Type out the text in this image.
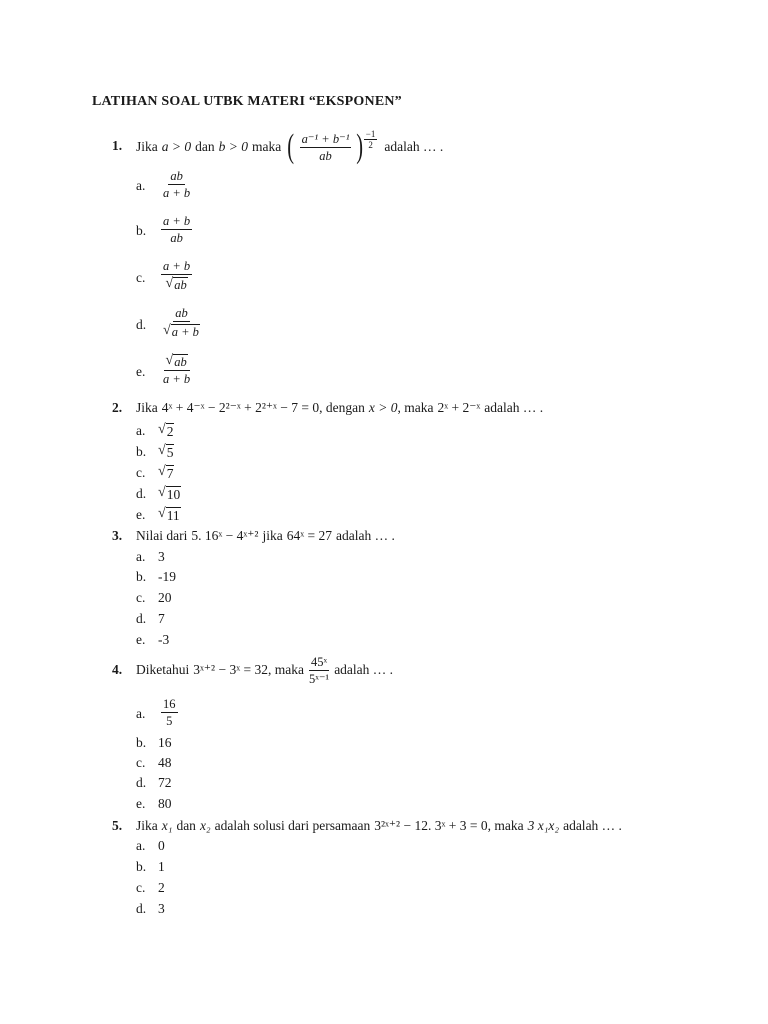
LATIHAN SOAL UTBK MATERI “EKSPONEN”
1. Jika a > 0 dan b > 0 maka ( $\frac{\text{a⁻¹ + b⁻¹}}{ab}$ ) $\frac{-1}{2}$ adalah … .
a. $\frac{ab}{a + b}$
b. $\frac{a + b}{ab}$
c. $\frac{a + b}{√ ab}$
d. $\frac{ab}{√ a + b}$
e. $\frac{√ ab}{a + b}$
2. Jika 4ˣ + 4⁻ˣ − 2²⁻ˣ + 2²⁺ˣ − 7 = 0 , dengan x > 0 , maka 2ˣ + 2⁻ˣ adalah … .
a. √ 2
b. √ 5
c. √ 7
d. √ 10
e. √ 11
3. Nilai dari 5. 16ˣ − 4ˣ⁺² jika 64ˣ = 27 adalah … .
a. 3
b. -19
c. 20
d. 7
e. -3
4. Diketahui 3ˣ⁺² − 3ˣ = 32 , maka $\frac{\text{45ˣ}}{\text{5ˣ⁻¹}}$ adalah … .
a. $\frac{16}{5}$
b. 16
c. 48
d. 72
e. 80
5. Jika x₁ dan x₂ adalah solusi dari persamaan 3²ˣ⁺² − 12. 3ˣ + 3 = 0 , maka 3 x₁x₂ adalah … .
a. 0
b. 1
c. 2
d. 3
